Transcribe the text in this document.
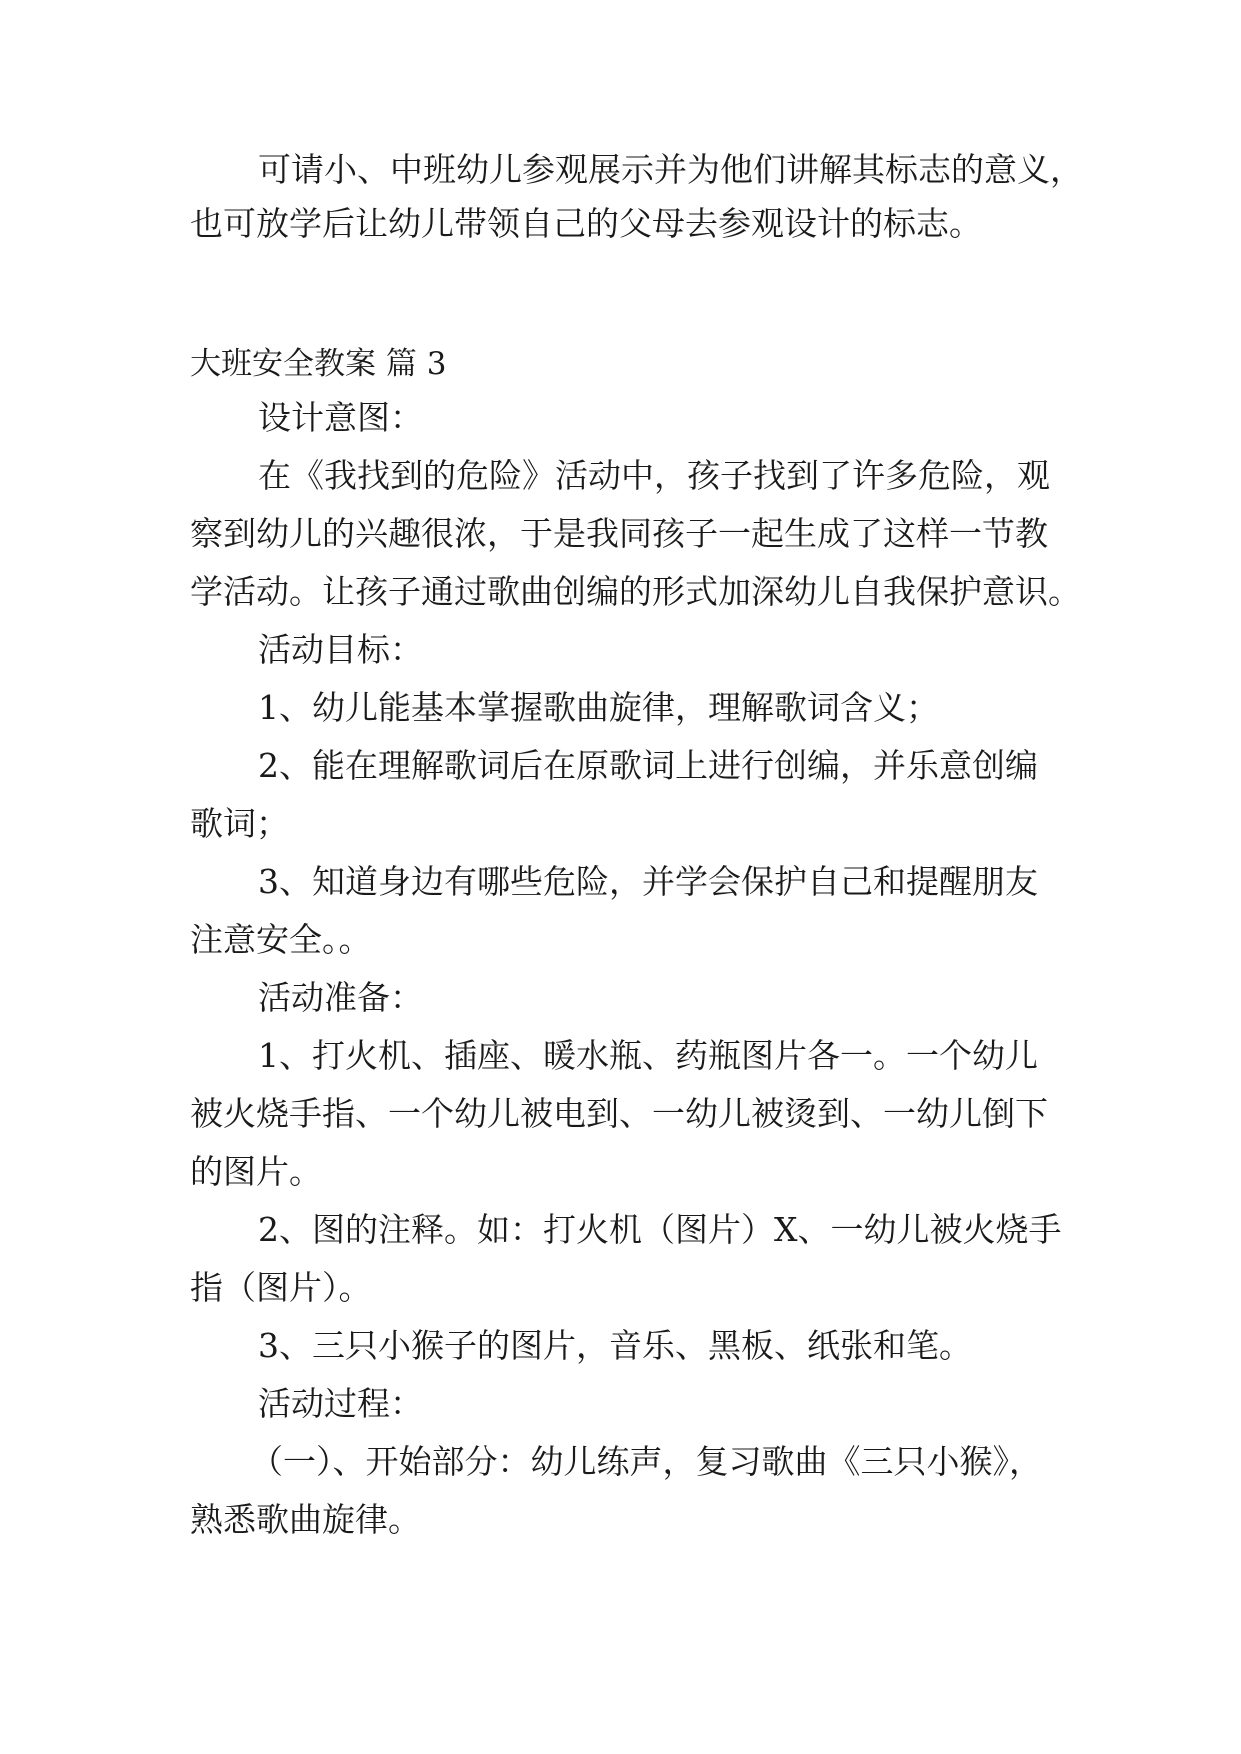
可请小、中班幼儿参观展示并为他们讲解其标志的意义，
也可放学后让幼儿带领自己的父母去参观设计的标志。
大班安全教案 篇 3
设计意图：
在《我找到的危险》活动中，孩子找到了许多危险，观
察到幼儿的兴趣很浓，于是我同孩子一起生成了这样一节教
学活动。让孩子通过歌曲创编的形式加深幼儿自我保护意识。
活动目标：
1、幼儿能基本掌握歌曲旋律，理解歌词含义；
2、能在理解歌词后在原歌词上进行创编，并乐意创编
歌词；
3、知道身边有哪些危险，并学会保护自己和提醒朋友
注意安全。。
活动准备：
1、打火机、插座、暖水瓶、药瓶图片各一。一个幼儿
被火烧手指、一个幼儿被电到、一幼儿被烫到、一幼儿倒下
的图片。
2、图的注释。如：打火机（图片）X、一幼儿被火烧手
指（图片）。
3、三只小猴子的图片，音乐、黑板、纸张和笔。
活动过程：
（一）、开始部分：幼儿练声，复习歌曲《三只小猴》，
熟悉歌曲旋律。
